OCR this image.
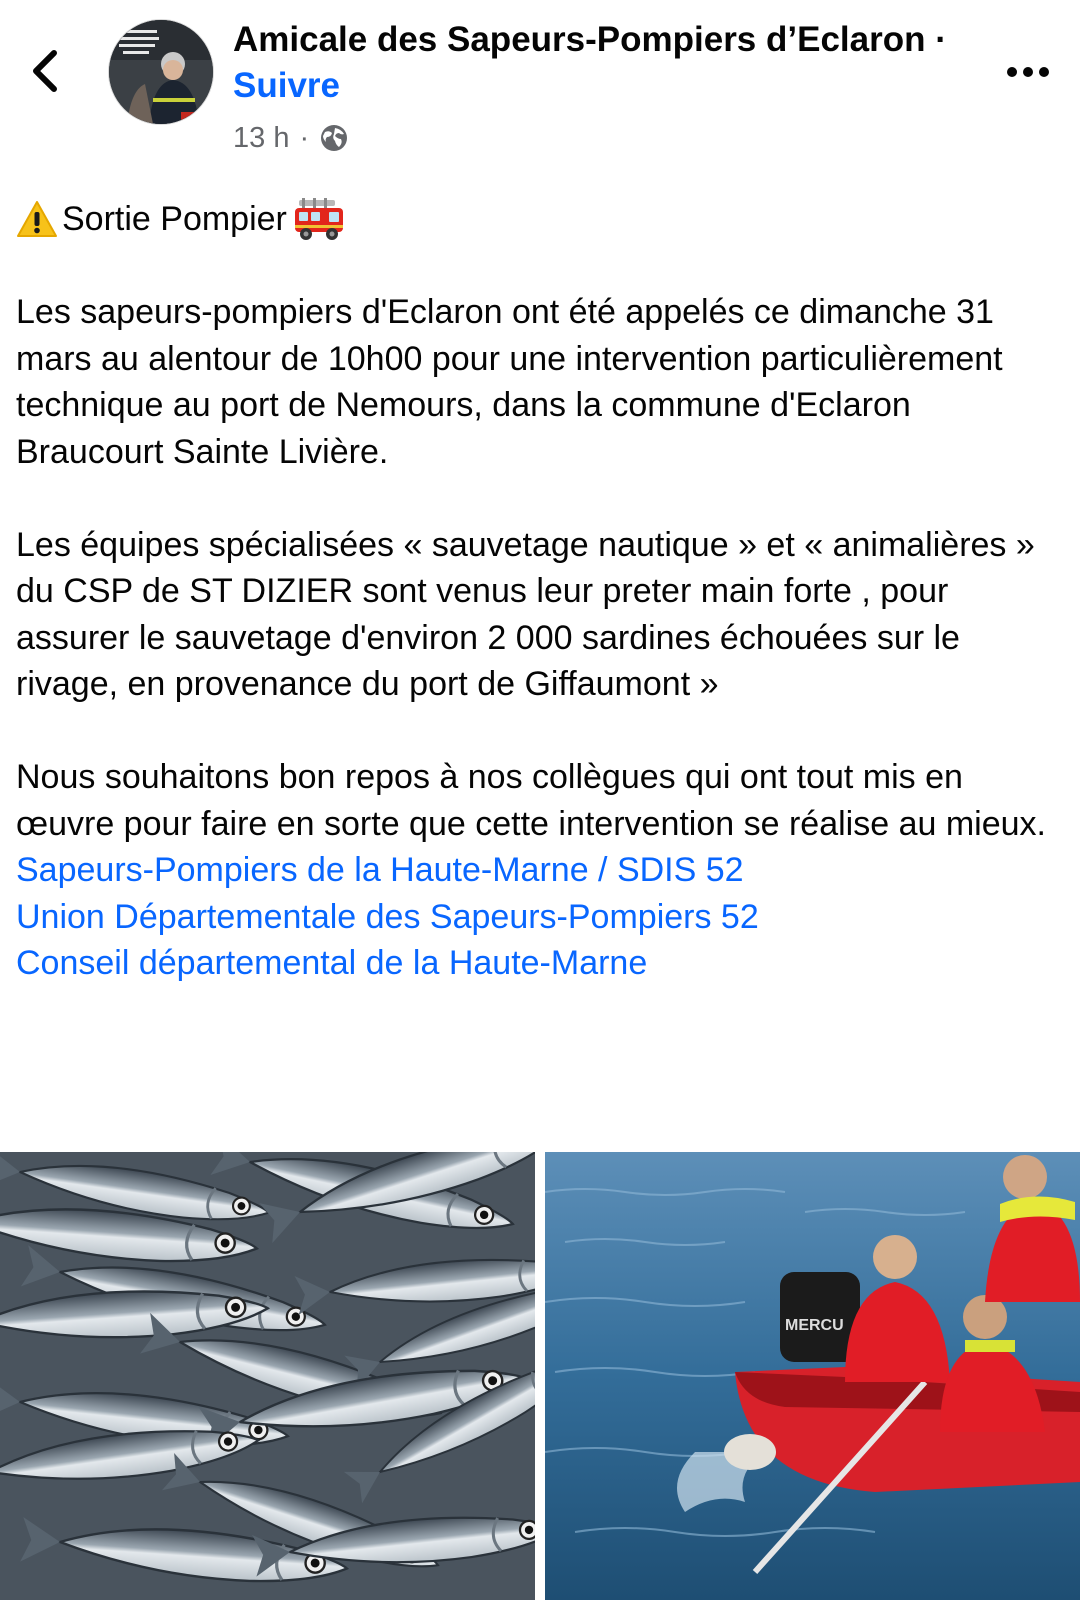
Amicale des Sapeurs-Pompiers d’Eclaron · Suivre
13 h ·
Sortie Pompier

Les sapeurs-pompiers d'Eclaron ont été appelés ce dimanche 31 mars au alentour de 10h00 pour une intervention particulièrement technique au port de Nemours, dans la commune d'Eclaron Braucourt Sainte Livière.

Les équipes spécialisées « sauvetage nautique » et « animalières » du CSP de ST DIZIER sont venus leur preter main forte , pour assurer le sauvetage d'environ 2 000 sardines échouées sur le rivage, en provenance du port de Giffaumont »

Nous souhaitons bon repos à nos collègues qui ont tout mis en œuvre pour faire en sorte que cette intervention se réalise au mieux.

Sapeurs-Pompiers de la Haute-Marne / SDIS 52
Union Départementale des Sapeurs-Pompiers 52
Conseil départemental de la Haute-Marne
MERCU
